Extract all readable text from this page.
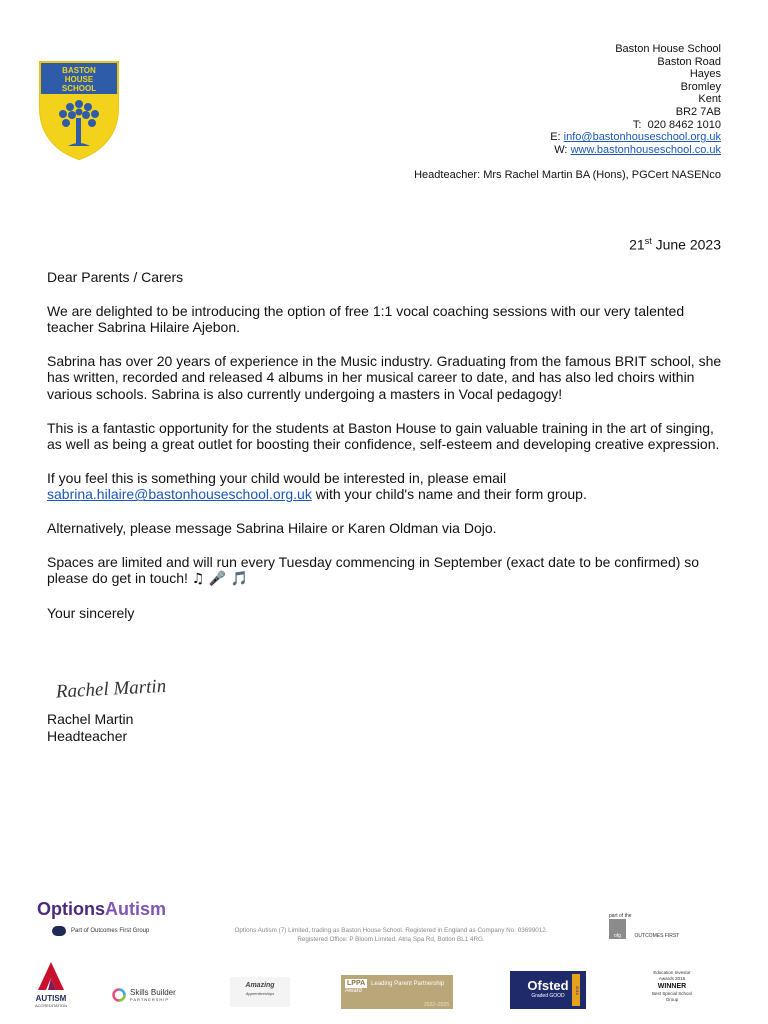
BASTON
HOUSE
SCHOOL
Baston House School
Baston Road
Hayes
Bromley
Kent
BR2 7AB
T: 020 8462 1010
E: info@bastonhouseschool.org.uk
W: www.bastonhouseschool.co.uk
Headteacher: Mrs Rachel Martin BA (Hons), PGCert NASENco
21st June 2023

Dear Parents / Carers

We are delighted to be introducing the option of free 1:1 vocal coaching sessions with our very talented teacher Sabrina Hilaire Ajebon.

Sabrina has over 20 years of experience in the Music industry. Graduating from the famous BRIT school, she has written, recorded and released 4 albums in her musical career to date, and has also led choirs within various schools. Sabrina is also currently undergoing a masters in Vocal pedagogy!

This is a fantastic opportunity for the students at Baston House to gain valuable training in the art of singing, as well as being a great outlet for boosting their confidence, self-esteem and developing creative expression.

If you feel this is something your child would be interested in, please email sabrina.hilaire@bastonhouseschool.org.uk with your child's name and their form group.

Alternatively, please message Sabrina Hilaire or Karen Oldman via Dojo.

Spaces are limited and will run every Tuesday commencing in September (exact date to be confirmed) so please do get in touch! ♫ 🎤 🎵

Your sincerely

Rachel Martin
Rachel Martin
Headteacher
OptionsAutism
Part of Outcomes First Group	Options Autism (7) Limited, trading as Baston House School. Registered in England as Company No: 03699012.
Registered Office: P Bloom Limited, Atria Spa Rd, Bolton BL1 4RG.
part of the
ofg	OUTCOMES FIRST
AUTISM
ACCREDITATION
Skills Builder
PARTNERSHIP
Amazing
Apprenticeships
LPPA Leading Parent Partnership Award
2022–2025
Ofsted
Graded GOOD
2019
Education Investor Awards 2016
WINNER
Best Special School Group
